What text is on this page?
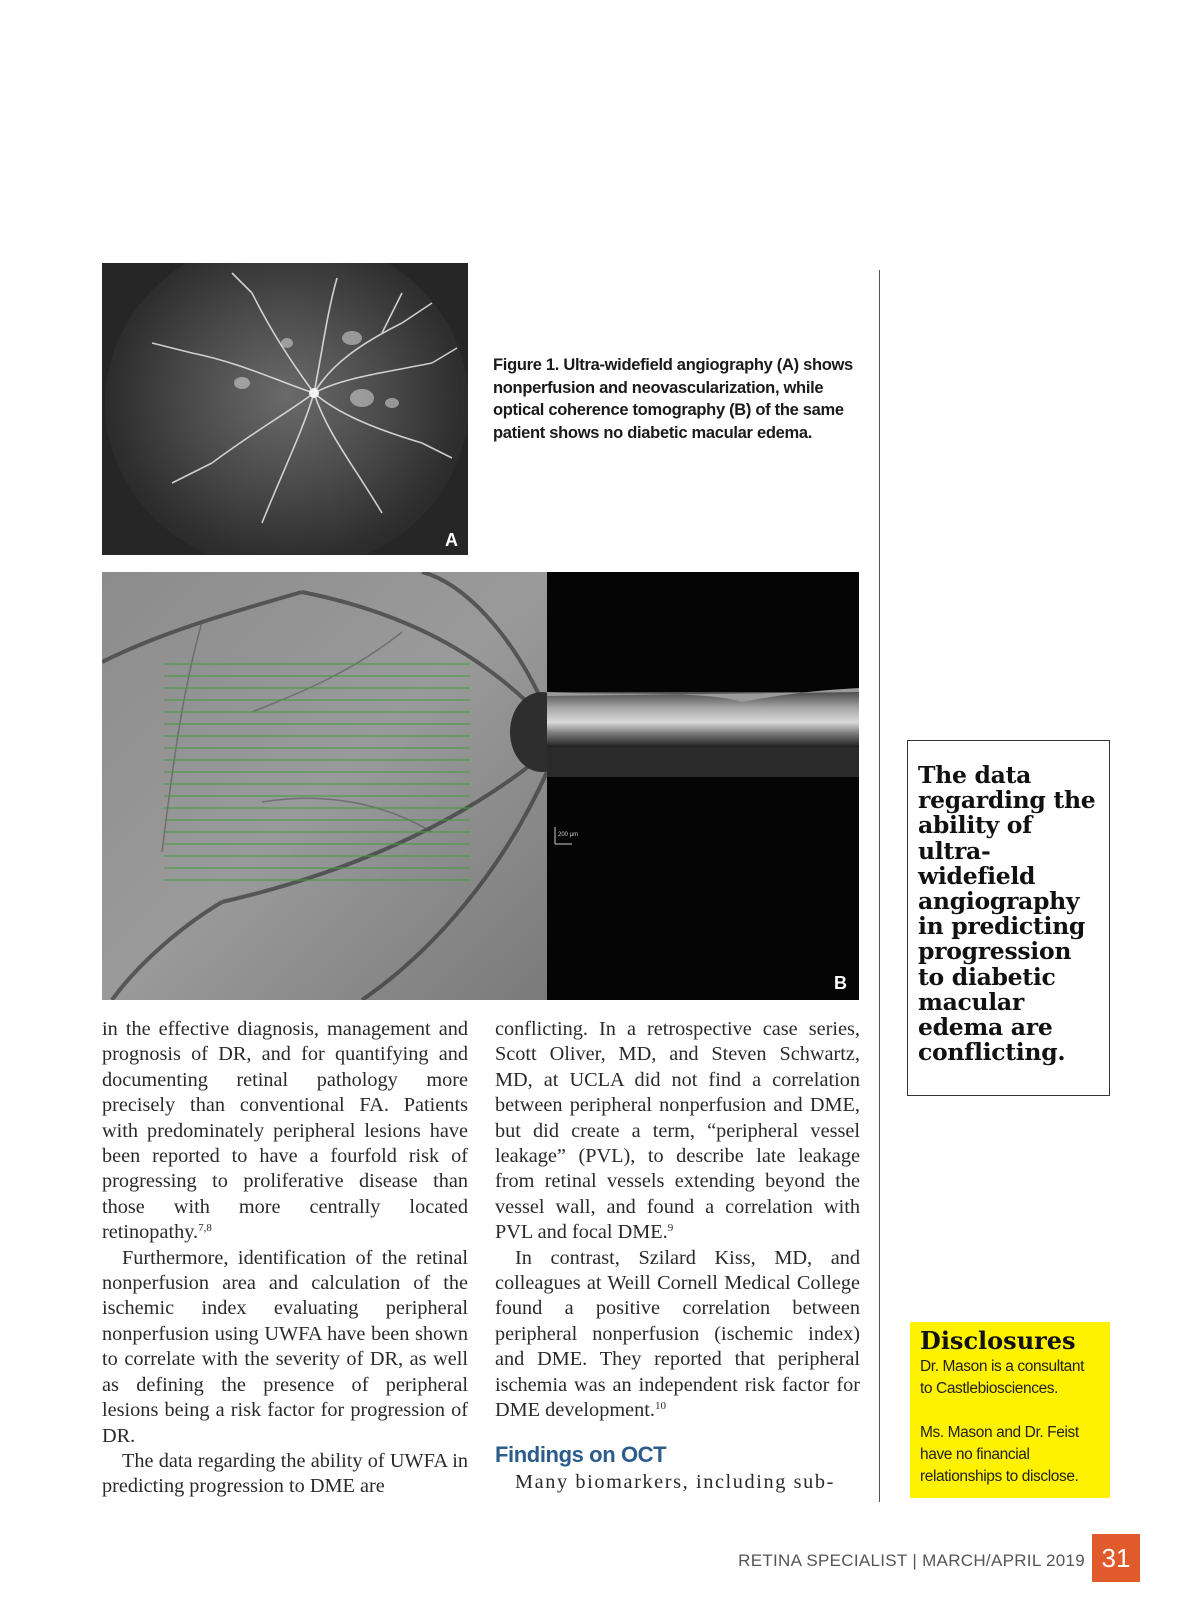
A
Figure 1. Ultra-widefield angiography (A) shows nonperfusion and neovascularization, while optical coherence tomography (B) of the same patient shows no diabetic macular edema.
200 µm
B

in the effective diagnosis, management and prognosis of DR, and for quantifying and documenting retinal pathology more precisely than conventional FA. Patients with predominately peripheral lesions have been reported to have a fourfold risk of progressing to proliferative disease than those with more centrally located retinopathy.$^{7,8}$

Furthermore, identification of the retinal nonperfusion area and calculation of the ischemic index evaluating peripheral nonperfusion using UWFA have been shown to correlate with the severity of DR, as well as defining the presence of peripheral lesions being a risk factor for progression of DR.

The data regarding the ability of UWFA in predicting progression to DME are

conflicting. In a retrospective case series, Scott Oliver, MD, and Steven Schwartz, MD, at UCLA did not find a correlation between peripheral nonperfusion and DME, but did create a term, “peripheral vessel leakage” (PVL), to describe late leakage from retinal vessels extending beyond the vessel wall, and found a correlation with PVL and focal DME.$^9$

In contrast, Szilard Kiss, MD, and colleagues at Weill Cornell Medical College found a positive correlation between peripheral nonperfusion (ischemic index) and DME. They reported that peripheral ischemia was an independent risk factor for DME development.$^{10}$

Findings on OCT

Many biomarkers, including sub-

The data regarding the ability of ultra-widefield angiography in predicting progression to diabetic macular edema are conflicting.
Disclosures

Dr. Mason is a consultant to Castlebiosciences.

Ms. Mason and Dr. Feist have no financial relationships to disclose.

RETINA SPECIALIST | MARCH/APRIL 2019 31
